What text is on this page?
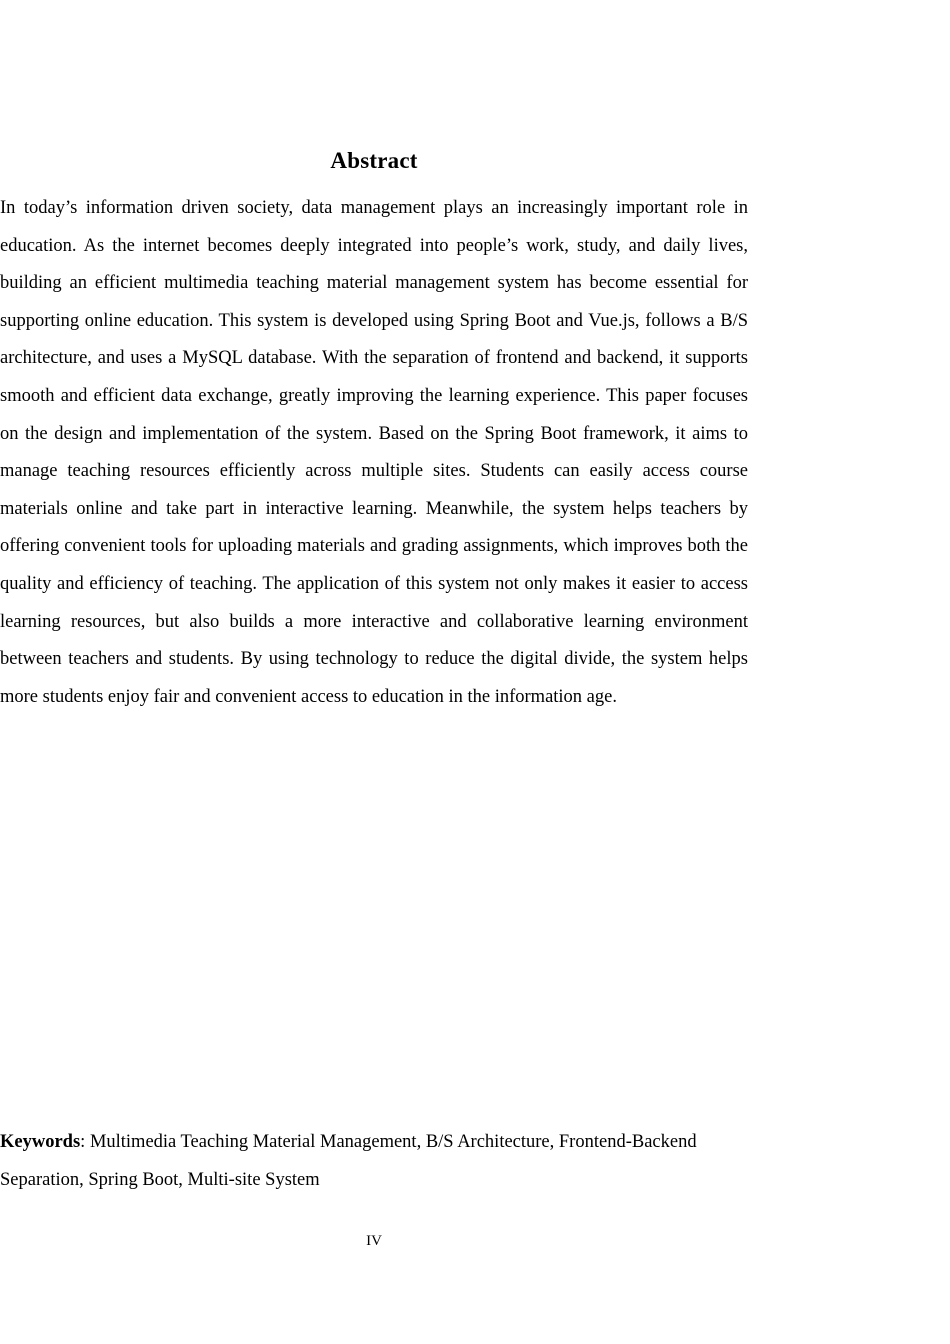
Abstract

In today’s information driven society, data management plays an increasingly important role in education. As the internet becomes deeply integrated into people’s work, study, and daily lives, building an efficient multimedia teaching material management system has become essential for supporting online education. This system is developed using Spring Boot and Vue.js, follows a B/S architecture, and uses a MySQL database. With the separation of frontend and backend, it supports smooth and efficient data exchange, greatly improving the learning experience. This paper focuses on the design and implementation of the system. Based on the Spring Boot framework, it aims to manage teaching resources efficiently across multiple sites. Students can easily access course materials online and take part in interactive learning. Meanwhile, the system helps teachers by offering convenient tools for uploading materials and grading assignments, which improves both the quality and efficiency of teaching. The application of this system not only makes it easier to access learning resources, but also builds a more interactive and collaborative learning environment between teachers and students. By using technology to reduce the digital divide, the system helps more students enjoy fair and convenient access to education in the information age.

Keywords: Multimedia Teaching Material Management, B/S Architecture, Frontend-Backend Separation, Spring Boot, Multi-site System

IV
